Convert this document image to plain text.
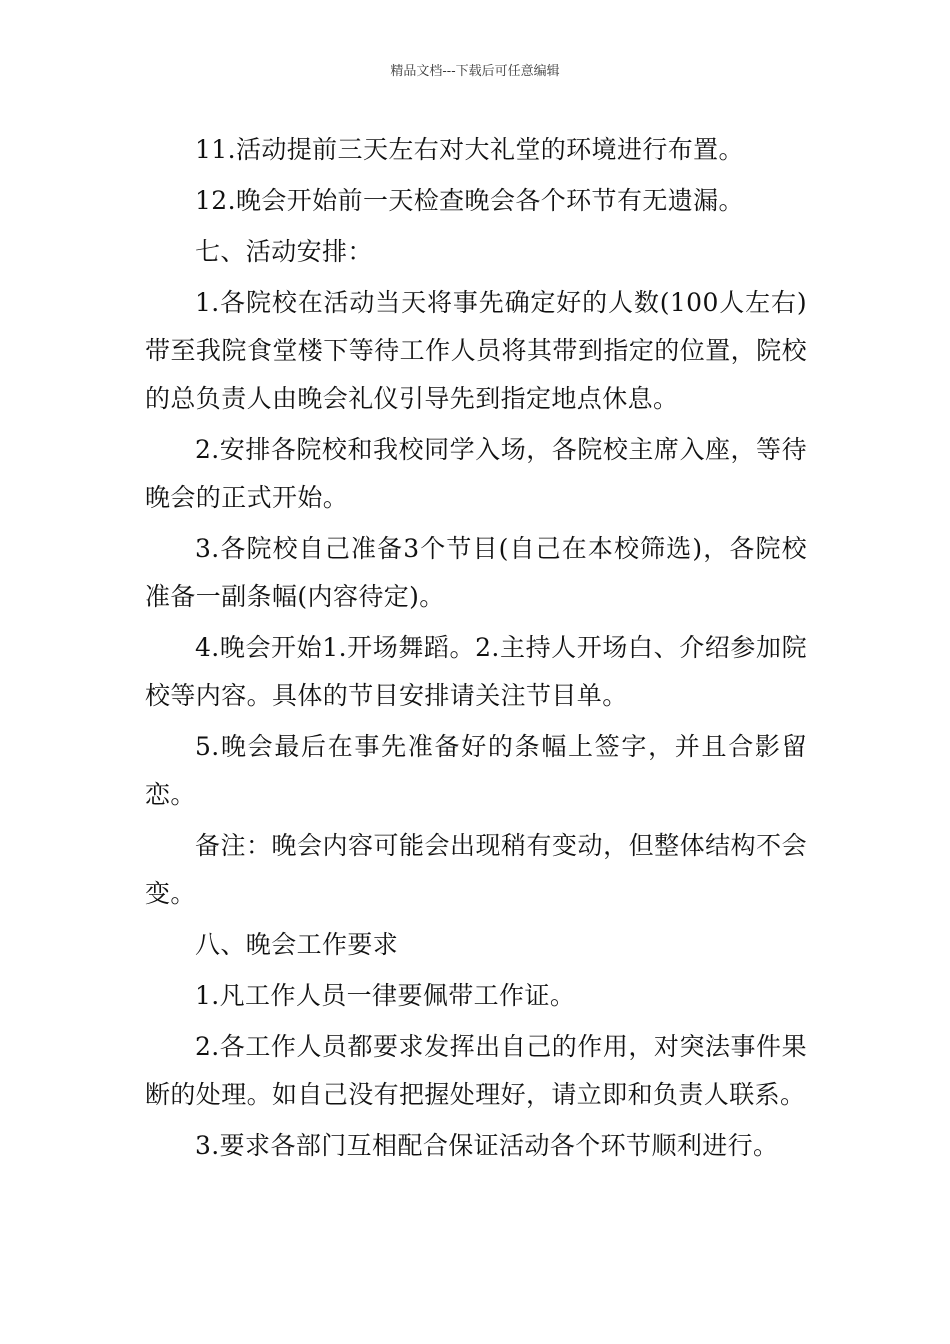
精品文档---下载后可任意编辑

11.活动提前三天左右对大礼堂的环境进行布置。

12.晚会开始前一天检查晚会各个环节有无遗漏。

七、活动安排：

1.各院校在活动当天将事先确定好的人数(100人左右)带至我院食堂楼下等待工作人员将其带到指定的位置，院校的总负责人由晚会礼仪引导先到指定地点休息。

2.安排各院校和我校同学入场，各院校主席入座，等待晚会的正式开始。

3.各院校自己准备3个节目(自己在本校筛选)，各院校准备一副条幅(内容待定)。

4.晚会开始1.开场舞蹈。2.主持人开场白、介绍参加院校等内容。具体的节目安排请关注节目单。

5.晚会最后在事先准备好的条幅上签字，并且合影留恋。

备注：晚会内容可能会出现稍有变动，但整体结构不会变。

八、晚会工作要求

1.凡工作人员一律要佩带工作证。

2.各工作人员都要求发挥出自己的作用，对突法事件果断的处理。如自己没有把握处理好，请立即和负责人联系。

3.要求各部门互相配合保证活动各个环节顺利进行。
